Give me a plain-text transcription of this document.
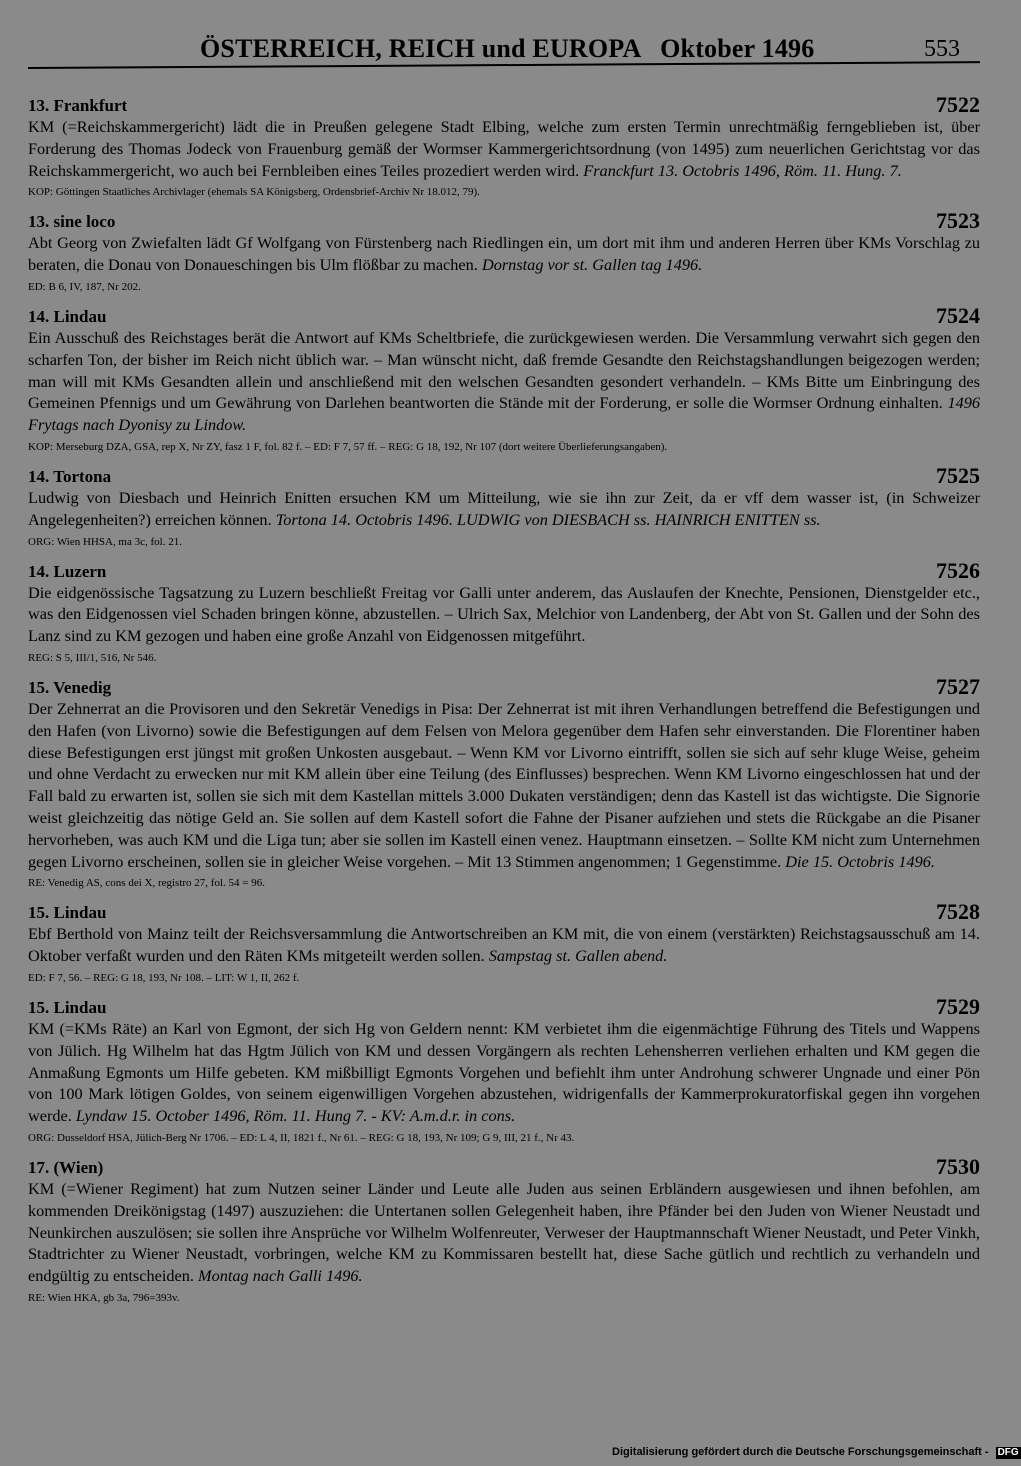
ÖSTERREICH, REICH und EUROPA   Oktober 1496	553
13. Frankfurt	7522
KM (=Reichskammergericht) lädt die in Preußen gelegene Stadt Elbing, welche zum ersten Termin unrechtmäßig ferngeblieben ist, über Forderung des Thomas Jodeck von Frauenburg gemäß der Wormser Kammergerichtsordnung (von 1495) zum neuerlichen Gerichtstag vor das Reichskammergericht, wo auch bei Fernbleiben eines Teiles prozediert werden wird. Franckfurt 13. Octobris 1496, Röm. 11. Hung. 7.
KOP: Göttingen Staatliches Archivlager (ehemals SA Königsberg, Ordensbrief-Archiv Nr 18.012, 79).
13. sine loco	7523
Abt Georg von Zwiefalten lädt Gf Wolfgang von Fürstenberg nach Riedlingen ein, um dort mit ihm und anderen Herren über KMs Vorschlag zu beraten, die Donau von Donaueschingen bis Ulm flößbar zu machen. Dornstag vor st. Gallen tag 1496.
ED: B 6, IV, 187, Nr 202.
14. Lindau	7524
Ein Ausschuß des Reichstages berät die Antwort auf KMs Scheltbriefe, die zurückgewiesen werden. Die Versammlung verwahrt sich gegen den scharfen Ton, der bisher im Reich nicht üblich war. – Man wünscht nicht, daß fremde Gesandte den Reichstagshandlungen beigezogen werden; man will mit KMs Gesandten allein und anschließend mit den welschen Gesandten gesondert verhandeln. – KMs Bitte um Einbringung des Gemeinen Pfennigs und um Gewährung von Darlehen beantworten die Stände mit der Forderung, er solle die Wormser Ordnung einhalten. 1496 Frytags nach Dyonisy zu Lindow.
KOP: Merseburg DZA, GSA, rep X, Nr ZY, fasz 1 F, fol. 82 f. – ED: F 7, 57 ff. – REG: G 18, 192, Nr 107 (dort weitere Überlieferungsangaben).
14. Tortona	7525
Ludwig von Diesbach und Heinrich Enitten ersuchen KM um Mitteilung, wie sie ihn zur Zeit, da er vff dem wasser ist, (in Schweizer Angelegenheiten?) erreichen können. Tortona 14. Octobris 1496. LUDWIG von DIESBACH ss. HAINRICH ENITTEN ss.
ORG: Wien HHSA, ma 3c, fol. 21.
14. Luzern	7526
Die eidgenössische Tagsatzung zu Luzern beschließt Freitag vor Galli unter anderem, das Auslaufen der Knechte, Pensionen, Dienstgelder etc., was den Eidgenossen viel Schaden bringen könne, abzustellen. – Ulrich Sax, Melchior von Landenberg, der Abt von St. Gallen und der Sohn des Lanz sind zu KM gezogen und haben eine große Anzahl von Eidgenossen mitgeführt.
REG: S 5, III/1, 516, Nr 546.
15. Venedig	7527
Der Zehnerrat an die Provisoren und den Sekretär Venedigs in Pisa: Der Zehnerrat ist mit ihren Verhandlungen betreffend die Befestigungen und den Hafen (von Livorno) sowie die Befestigungen auf dem Felsen von Melora gegenüber dem Hafen sehr einverstanden. Die Florentiner haben diese Befestigungen erst jüngst mit großen Unkosten ausgebaut. – Wenn KM vor Livorno eintrifft, sollen sie sich auf sehr kluge Weise, geheim und ohne Verdacht zu erwecken nur mit KM allein über eine Teilung (des Einflusses) besprechen. Wenn KM Livorno eingeschlossen hat und der Fall bald zu erwarten ist, sollen sie sich mit dem Kastellan mittels 3.000 Dukaten verständigen; denn das Kastell ist das wichtigste. Die Signorie weist gleichzeitig das nötige Geld an. Sie sollen auf dem Kastell sofort die Fahne der Pisaner aufziehen und stets die Rückgabe an die Pisaner hervorheben, was auch KM und die Liga tun; aber sie sollen im Kastell einen venez. Hauptmann einsetzen. – Sollte KM nicht zum Unternehmen gegen Livorno erscheinen, sollen sie in gleicher Weise vorgehen. – Mit 13 Stimmen angenommen; 1 Gegenstimme. Die 15. Octobris 1496.
RE: Venedig AS, cons dei X, registro 27, fol. 54 = 96.
15. Lindau	7528
Ebf Berthold von Mainz teilt der Reichsversammlung die Antwortschreiben an KM mit, die von einem (verstärkten) Reichstagsausschuß am 14. Oktober verfaßt wurden und den Räten KMs mitgeteilt werden sollen. Sampstag st. Gallen abend.
ED: F 7, 56. – REG: G 18, 193, Nr 108. – LIT: W 1, II, 262 f.
15. Lindau	7529
KM (=KMs Räte) an Karl von Egmont, der sich Hg von Geldern nennt: KM verbietet ihm die eigenmächtige Führung des Titels und Wappens von Jülich. Hg Wilhelm hat das Hgtm Jülich von KM und dessen Vorgängern als rechten Lehensherren verliehen erhalten und KM gegen die Anmaßung Egmonts um Hilfe gebeten. KM mißbilligt Egmonts Vorgehen und befiehlt ihm unter Androhung schwerer Ungnade und einer Pön von 100 Mark lötigen Goldes, von seinem eigenwilligen Vorgehen abzustehen, widrigenfalls der Kammerprokuratorfiskal gegen ihn vorgehen werde. Lyndaw 15. October 1496, Röm. 11. Hung 7. - KV: A.m.d.r. in cons.
ORG: Dusseldorf HSA, Jülich-Berg Nr 1706. – ED: L 4, II, 1821 f., Nr 61. – REG: G 18, 193, Nr 109; G 9, III, 21 f., Nr 43.
17. (Wien)	7530
KM (=Wiener Regiment) hat zum Nutzen seiner Länder und Leute alle Juden aus seinen Erbländern ausgewiesen und ihnen befohlen, am kommenden Dreikönigstag (1497) auszuziehen: die Untertanen sollen Gelegenheit haben, ihre Pfänder bei den Juden von Wiener Neustadt und Neunkirchen auszulösen; sie sollen ihre Ansprüche vor Wilhelm Wolfenreuter, Verweser der Hauptmannschaft Wiener Neustadt, und Peter Vinkh, Stadtrichter zu Wiener Neustadt, vorbringen, welche KM zu Kommissaren bestellt hat, diese Sache gütlich und rechtlich zu verhandeln und endgültig zu entscheiden. Montag nach Galli 1496.
RE: Wien HKA, gb 3a, 796=393v.
Digitalisierung gefördert durch die Deutsche Forschungsgemeinschaft - DFG
